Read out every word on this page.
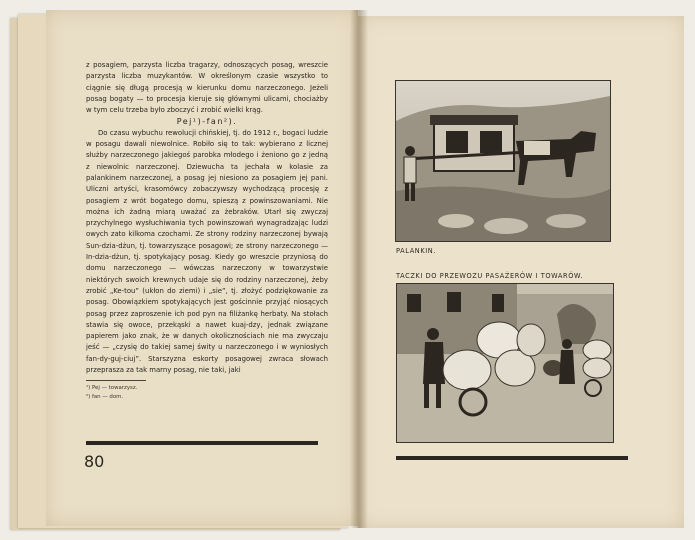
z posagiem, parzysta liczba tragarzy, odnoszących posag, wreszcie parzysta liczba muzykantów. W określonym czasie wszystko to ciągnie się długą procesją w kierunku domu narzeczonego. Jeżeli posag bogaty — to procesja kieruje się głównymi ulicami, chociażby w tym celu trzeba było zboczyć i zrobić wielki krąg.

Pej¹)-fan²).

Do czasu wybuchu rewolucji chińskiej, tj. do 1912 r., bogaci ludzie w posagu dawali niewolnice. Robiło się to tak: wybierano z licznej służby narzeczonego jakiegoś parobka młodego i żeniono go z jedną z niewolnic narzeczonej. Dziewucha ta jechała w kolasie za palankinem narzeczonej, a posag jej niesiono za posagiem jej pani. Uliczni artyści, krasomówcy zobaczywszy wychodzącą procesję z posagiem z wrót bogatego domu, spieszą z powinszowaniami. Nie można ich żadną miarą uważać za żebraków. Utarł się zwyczaj przychylnego wysłuchiwania tych powinszowań wynagradzając ludzi owych zato kilkoma czochami. Ze strony rodziny narzeczonej bywają Sun-dzia-dżun, tj. towarzyszące posagowi; ze strony narzeczonego — In-dzia-dżun, tj. spotykający posag. Kiedy go wreszcie przyniosą do domu narzeczonego — wówczas narzeczony w towarzystwie niektórych swoich krewnych udaje się do rodziny narzeczonej, żeby zrobić „Ke-tou” (ukłon do ziemi) i „sie”, tj. złożyć podziękowanie za posag. Obowiązkiem spotykających jest gościnnie przyjąć niosących posag przez zaproszenie ich pod pyn na filiżankę herbaty. Na stołach stawia się owoce, przekąski a nawet kuaj-dzy, jednak związane papierem jako znak, że w danych okolicznościach nie ma zwyczaju jeść — „czysię do takiej samej świty u narzeczonego i w wyniosłych fan-dy-guj-ciuj”. Starszyzna eskorty posagowej zwraca słowach przeprasza za tak marny posag, nie taki, jaki

¹) Pej — towarzysz.

²) fan — dom.

80
PALANKIN.
TACZKI DO PRZEWOZU PASAŻERÓW I TOWARÓW.
